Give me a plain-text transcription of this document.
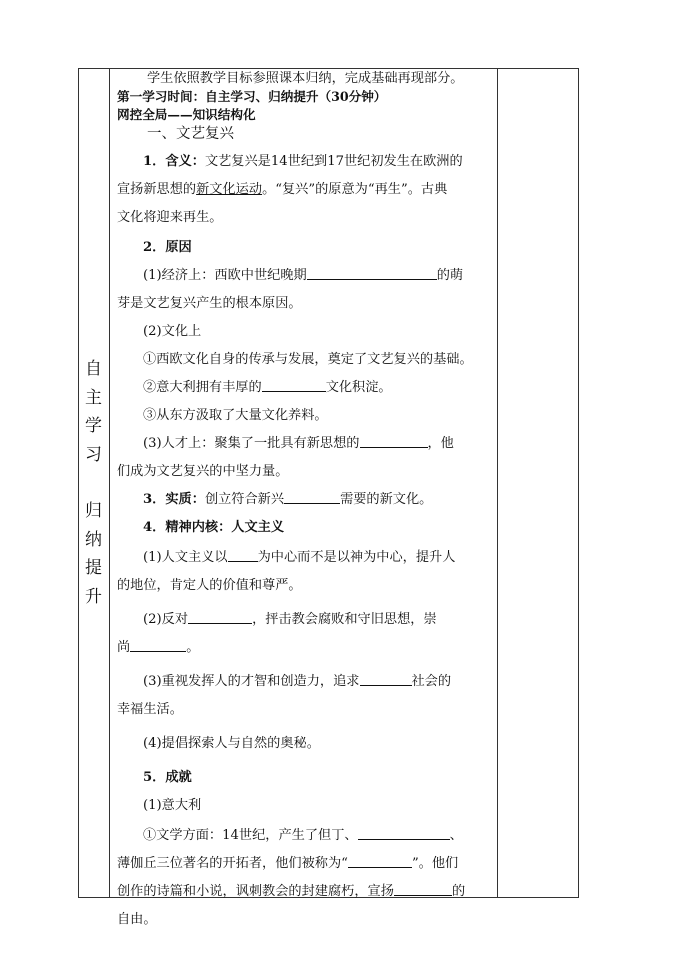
自
主
学
习
归
纳
提
升

学生依照教学目标参照课本归纳，完成基础再现部分。

第一学习时间：自主学习、归纳提升（30分钟）

网控全局——知识结构化

一、文艺复兴

1．含义：文艺复兴是14世纪到17世纪初发生在欧洲的

宣扬新思想的新文化运动。“复兴”的原意为“再生”。古典

文化将迎来再生。

2．原因

(1)经济上：西欧中世纪晚期	的萌

芽是文艺复兴产生的根本原因。

(2)文化上

①西欧文化自身的传承与发展，奠定了文艺复兴的基础。

②意大利拥有丰厚的	文化积淀。

③从东方汲取了大量文化养料。

(3)人才上：聚集了一批具有新思想的	，他

们成为文艺复兴的中坚力量。

3．实质：创立符合新兴	需要的新文化。

4．精神内核：人文主义

(1)人文主义以 为中心而不是以神为中心，提升人

的地位，肯定人的价值和尊严。

(2)反对	，抨击教会腐败和守旧思想，崇

尚	。

(3)重视发挥人的才智和创造力，追求	社会的

幸福生活。

(4)提倡探索人与自然的奥秘。

5．成就

(1)意大利

①文学方面：14世纪，产生了但丁、	、

薄伽丘三位著名的开拓者，他们被称为“	”。他们

创作的诗篇和小说，讽刺教会的封建腐朽，宣扬	的

自由。
